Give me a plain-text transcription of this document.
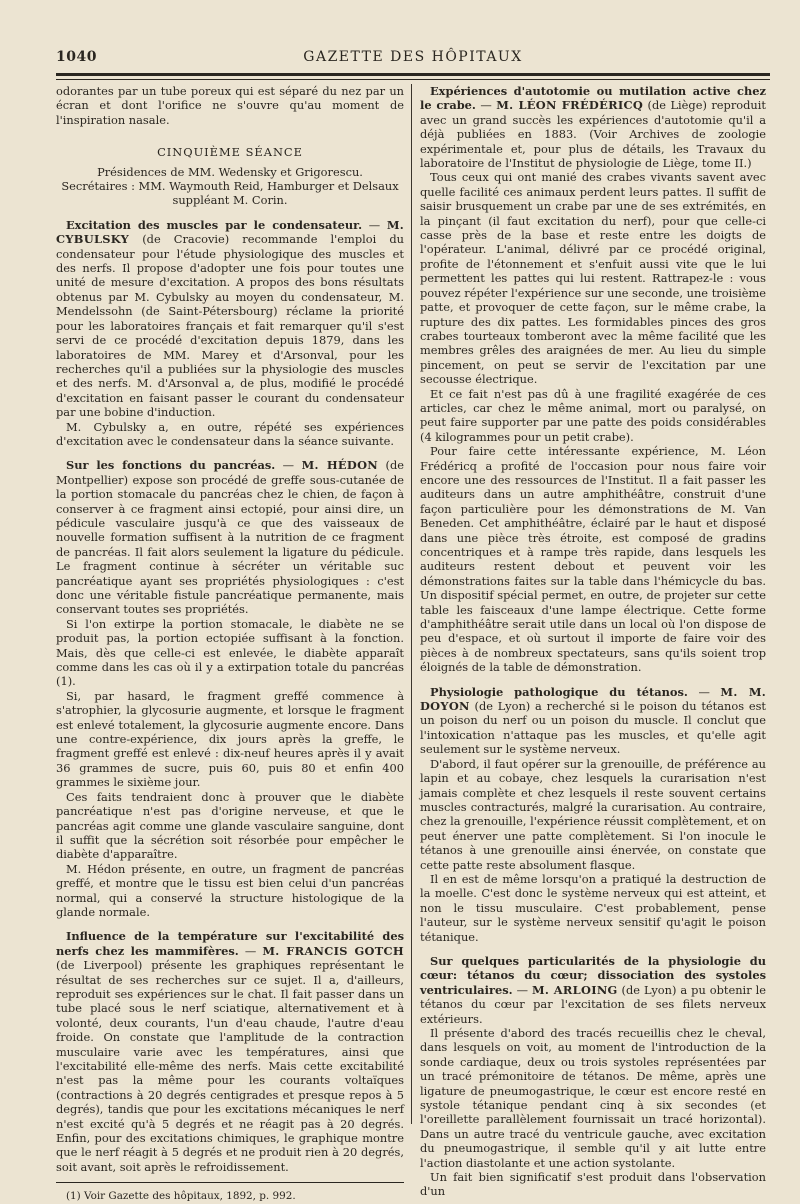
1040	GAZETTE DES HÔPITAUX

odorantes par un tube poreux qui est séparé du nez par un écran et dont l'orifice ne s'ouvre qu'au moment de l'inspiration nasale.

CINQUIÈME SÉANCE

Présidences de MM. Wedensky et Grigorescu.

Secrétaires : MM. Waymouth Reid, Hamburger et Delsaux suppléant M. Corin.

Excitation des muscles par le condensateur. — M. CYBULSKY (de Cracovie) recommande l'emploi du condensateur pour l'étude physiologique des muscles et des nerfs. Il propose d'adopter une fois pour toutes une unité de mesure d'excitation. A propos des bons résultats obtenus par M. Cybulsky au moyen du condensateur, M. Mendelssohn (de Saint-Pétersbourg) réclame la priorité pour les laboratoires français et fait remarquer qu'il s'est servi de ce procédé d'excitation depuis 1879, dans les laboratoires de MM. Marey et d'Arsonval, pour les recherches qu'il a publiées sur la physiologie des muscles et des nerfs. M. d'Arsonval a, de plus, modifié le procédé d'excitation en faisant passer le courant du condensateur par une bobine d'induction.

M. Cybulsky a, en outre, répété ses expériences d'excitation avec le condensateur dans la séance suivante.

Sur les fonctions du pancréas. — M. HÉDON (de Montpellier) expose son procédé de greffe sous-cutanée de la portion stomacale du pancréas chez le chien, de façon à conserver à ce fragment ainsi ectopié, pour ainsi dire, un pédicule vasculaire jusqu'à ce que des vaisseaux de nouvelle formation suffisent à la nutrition de ce fragment de pancréas. Il fait alors seulement la ligature du pédicule. Le fragment continue à sécréter un véritable suc pancréatique ayant ses propriétés physiologiques : c'est donc une véritable fistule pancréatique permanente, mais conservant toutes ses propriétés.

Si l'on extirpe la portion stomacale, le diabète ne se produit pas, la portion ectopiée suffisant à la fonction. Mais, dès que celle-ci est enlevée, le diabète apparaît comme dans les cas où il y a extirpation totale du pancréas (1).

Si, par hasard, le fragment greffé commence à s'atrophier, la glycosurie augmente, et lorsque le fragment est enlevé totalement, la glycosurie augmente encore. Dans une contre-expérience, dix jours après la greffe, le fragment greffé est enlevé : dix-neuf heures après il y avait 36 grammes de sucre, puis 60, puis 80 et enfin 400 grammes le sixième jour.

Ces faits tendraient donc à prouver que le diabète pancréatique n'est pas d'origine nerveuse, et que le pancréas agit comme une glande vasculaire sanguine, dont il suffit que la sécrétion soit résorbée pour empêcher le diabète d'apparaître.

M. Hédon présente, en outre, un fragment de pancréas greffé, et montre que le tissu est bien celui d'un pancréas normal, qui a conservé la structure histologique de la glande normale.

Influence de la température sur l'excitabilité des nerfs chez les mammifères. — M. FRANCIS GOTCH (de Liverpool) présente les graphiques représentant le résultat de ses recherches sur ce sujet. Il a, d'ailleurs, reproduit ses expériences sur le chat. Il fait passer dans un tube placé sous le nerf sciatique, alternativement et à volonté, deux courants, l'un d'eau chaude, l'autre d'eau froide. On constate que l'amplitude de la contraction musculaire varie avec les températures, ainsi que l'excitabilité elle-même des nerfs. Mais cette excitabilité n'est pas la même pour les courants voltaïques (contractions à 20 degrés centigrades et presque repos à 5 degrés), tandis que pour les excitations mécaniques le nerf n'est excité qu'à 5 degrés et ne réagit pas à 20 degrés. Enfin, pour des excitations chimiques, le graphique montre que le nerf réagit à 5 degrés et ne produit rien à 20 degrés, soit avant, soit après le refroidissement.

(1) Voir Gazette des hôpitaux, 1892, p. 992.

Expériences d'autotomie ou mutilation active chez le crabe. — M. LÉON FRÉDÉRICQ (de Liège) reproduit avec un grand succès les expériences d'autotomie qu'il a déjà publiées en 1883. (Voir Archives de zoologie expérimentale et, pour plus de détails, les Travaux du laboratoire de l'Institut de physiologie de Liège, tome II.)

Tous ceux qui ont manié des crabes vivants savent avec quelle facilité ces animaux perdent leurs pattes. Il suffit de saisir brusquement un crabe par une de ses extrémités, en la pinçant (il faut excitation du nerf), pour que celle-ci casse près de la base et reste entre les doigts de l'opérateur. L'animal, délivré par ce procédé original, profite de l'étonnement et s'enfuit aussi vite que le lui permettent les pattes qui lui restent. Rattrapez-le : vous pouvez répéter l'expérience sur une seconde, une troisième patte, et provoquer de cette façon, sur le même crabe, la rupture des dix pattes. Les formidables pinces des gros crabes tourteaux tomberont avec la même facilité que les membres grêles des araignées de mer. Au lieu du simple pincement, on peut se servir de l'excitation par une secousse électrique.

Et ce fait n'est pas dû à une fragilité exagérée de ces articles, car chez le même animal, mort ou paralysé, on peut faire supporter par une patte des poids considérables (4 kilogrammes pour un petit crabe).

Pour faire cette intéressante expérience, M. Léon Frédéricq a profité de l'occasion pour nous faire voir encore une des ressources de l'Institut. Il a fait passer les auditeurs dans un autre amphithéâtre, construit d'une façon particulière pour les démonstrations de M. Van Beneden. Cet amphithéâtre, éclairé par le haut et disposé dans une pièce très étroite, est composé de gradins concentriques et à rampe très rapide, dans lesquels les auditeurs restent debout et peuvent voir les démonstrations faites sur la table dans l'hémicycle du bas. Un dispositif spécial permet, en outre, de projeter sur cette table les faisceaux d'une lampe électrique. Cette forme d'amphithéâtre serait utile dans un local où l'on dispose de peu d'espace, et où surtout il importe de faire voir des pièces à de nombreux spectateurs, sans qu'ils soient trop éloignés de la table de démonstration.

Physiologie pathologique du tétanos. — M. M. DOYON (de Lyon) a recherché si le poison du tétanos est un poison du nerf ou un poison du muscle. Il conclut que l'intoxication n'attaque pas les muscles, et qu'elle agit seulement sur le système nerveux.

D'abord, il faut opérer sur la grenouille, de préférence au lapin et au cobaye, chez lesquels la curarisation n'est jamais complète et chez lesquels il reste souvent certains muscles contracturés, malgré la curarisation. Au contraire, chez la grenouille, l'expérience réussit complètement, et on peut énerver une patte complètement. Si l'on inocule le tétanos à une grenouille ainsi énervée, on constate que cette patte reste absolument flasque.

Il en est de même lorsqu'on a pratiqué la destruction de la moelle. C'est donc le système nerveux qui est atteint, et non le tissu musculaire. C'est probablement, pense l'auteur, sur le système nerveux sensitif qu'agit le poison tétanique.

Sur quelques particularités de la physiologie du cœur: tétanos du cœur; dissociation des systoles ventriculaires. — M. ARLOING (de Lyon) a pu obtenir le tétanos du cœur par l'excitation de ses filets nerveux extérieurs.

Il présente d'abord des tracés recueillis chez le cheval, dans lesquels on voit, au moment de l'introduction de la sonde cardiaque, deux ou trois systoles représentées par un tracé prémonitoire de tétanos. De même, après une ligature de pneumogastrique, le cœur est encore resté en systole tétanique pendant cinq à six secondes (et l'oreillette parallèlement fournissait un tracé horizontal). Dans un autre tracé du ventricule gauche, avec excitation du pneumogastrique, il semble qu'il y ait lutte entre l'action diastolante et une action systolante.

Un fait bien significatif s'est produit dans l'observation d'un
